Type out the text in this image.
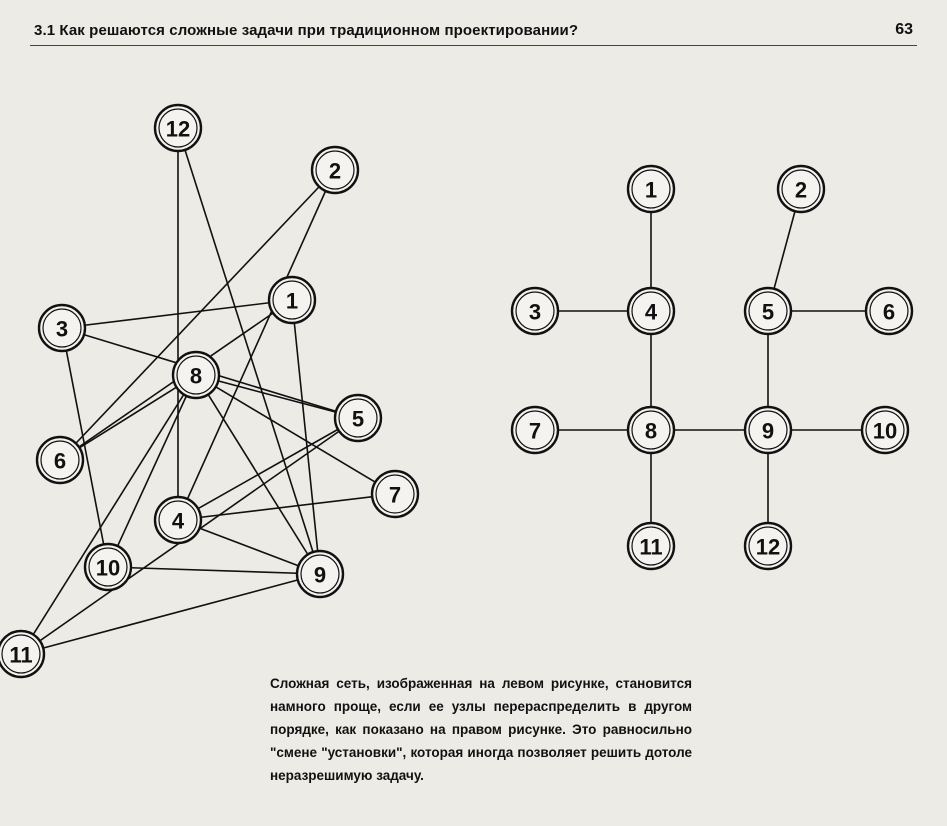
3.1 Как решаются сложные задачи при традиционном проектировании?	63
12
2
1
3
8
5
6
7
4
10	9
11
1	2
3	4	5	6
7	8	9	10
11	12
Сложная сеть, изображенная на левом рисунке, становится намного проще, если ее узлы перераспределить в другом порядке, как показано на правом рисунке. Это равносильно "смене "установки", которая иногда позволяет решить дотоле неразрешимую задачу.
